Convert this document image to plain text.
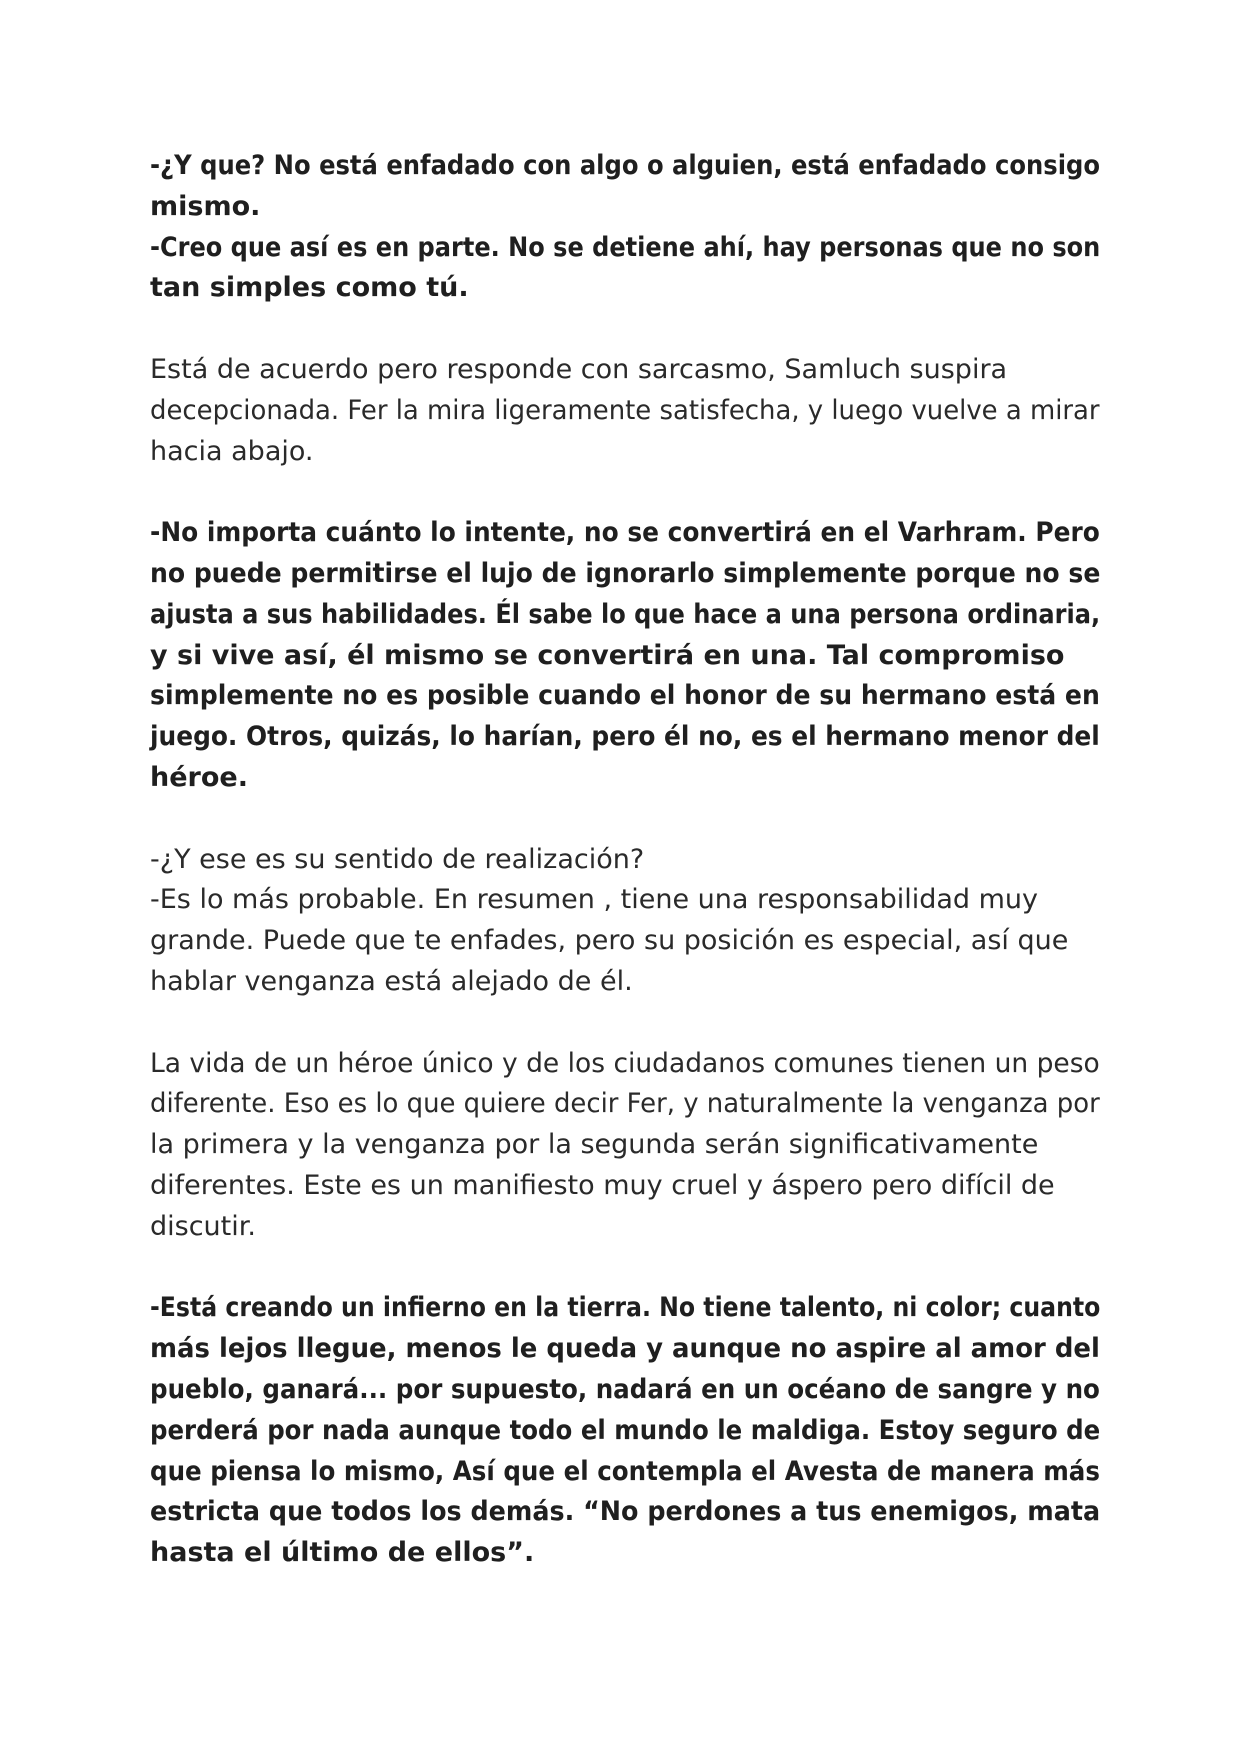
-¿Y que? No está enfadado con algo o alguien, está enfadado consigo
mismo.
-Creo que así es en parte. No se detiene ahí, hay personas que no son
tan simples como tú.

Está de acuerdo pero responde con sarcasmo, Samluch suspira
decepcionada. Fer la mira ligeramente satisfecha, y luego vuelve a mirar
hacia abajo.

-No importa cuánto lo intente, no se convertirá en el Varhram. Pero
no puede permitirse el lujo de ignorarlo simplemente porque no se
ajusta a sus habilidades. Él sabe lo que hace a una persona ordinaria,
y si vive así, él mismo se convertirá en una. Tal compromiso
simplemente no es posible cuando el honor de su hermano está en
juego. Otros, quizás, lo harían, pero él no, es el hermano menor del
héroe.

-¿Y ese es su sentido de realización?
-Es lo más probable. En resumen , tiene una responsabilidad muy
grande. Puede que te enfades, pero su posición es especial, así que
hablar venganza está alejado de él.

La vida de un héroe único y de los ciudadanos comunes tienen un peso
diferente. Eso es lo que quiere decir Fer, y naturalmente la venganza por
la primera y la venganza por la segunda serán significativamente
diferentes. Este es un manifiesto muy cruel y áspero pero difícil de
discutir.

-Está creando un infierno en la tierra. No tiene talento, ni color; cuanto
más lejos llegue, menos le queda y aunque no aspire al amor del
pueblo, ganará... por supuesto, nadará en un océano de sangre y no
perderá por nada aunque todo el mundo le maldiga. Estoy seguro de
que piensa lo mismo, Así que el contempla el Avesta de manera más
estricta que todos los demás. “No perdones a tus enemigos, mata
hasta el último de ellos”.
